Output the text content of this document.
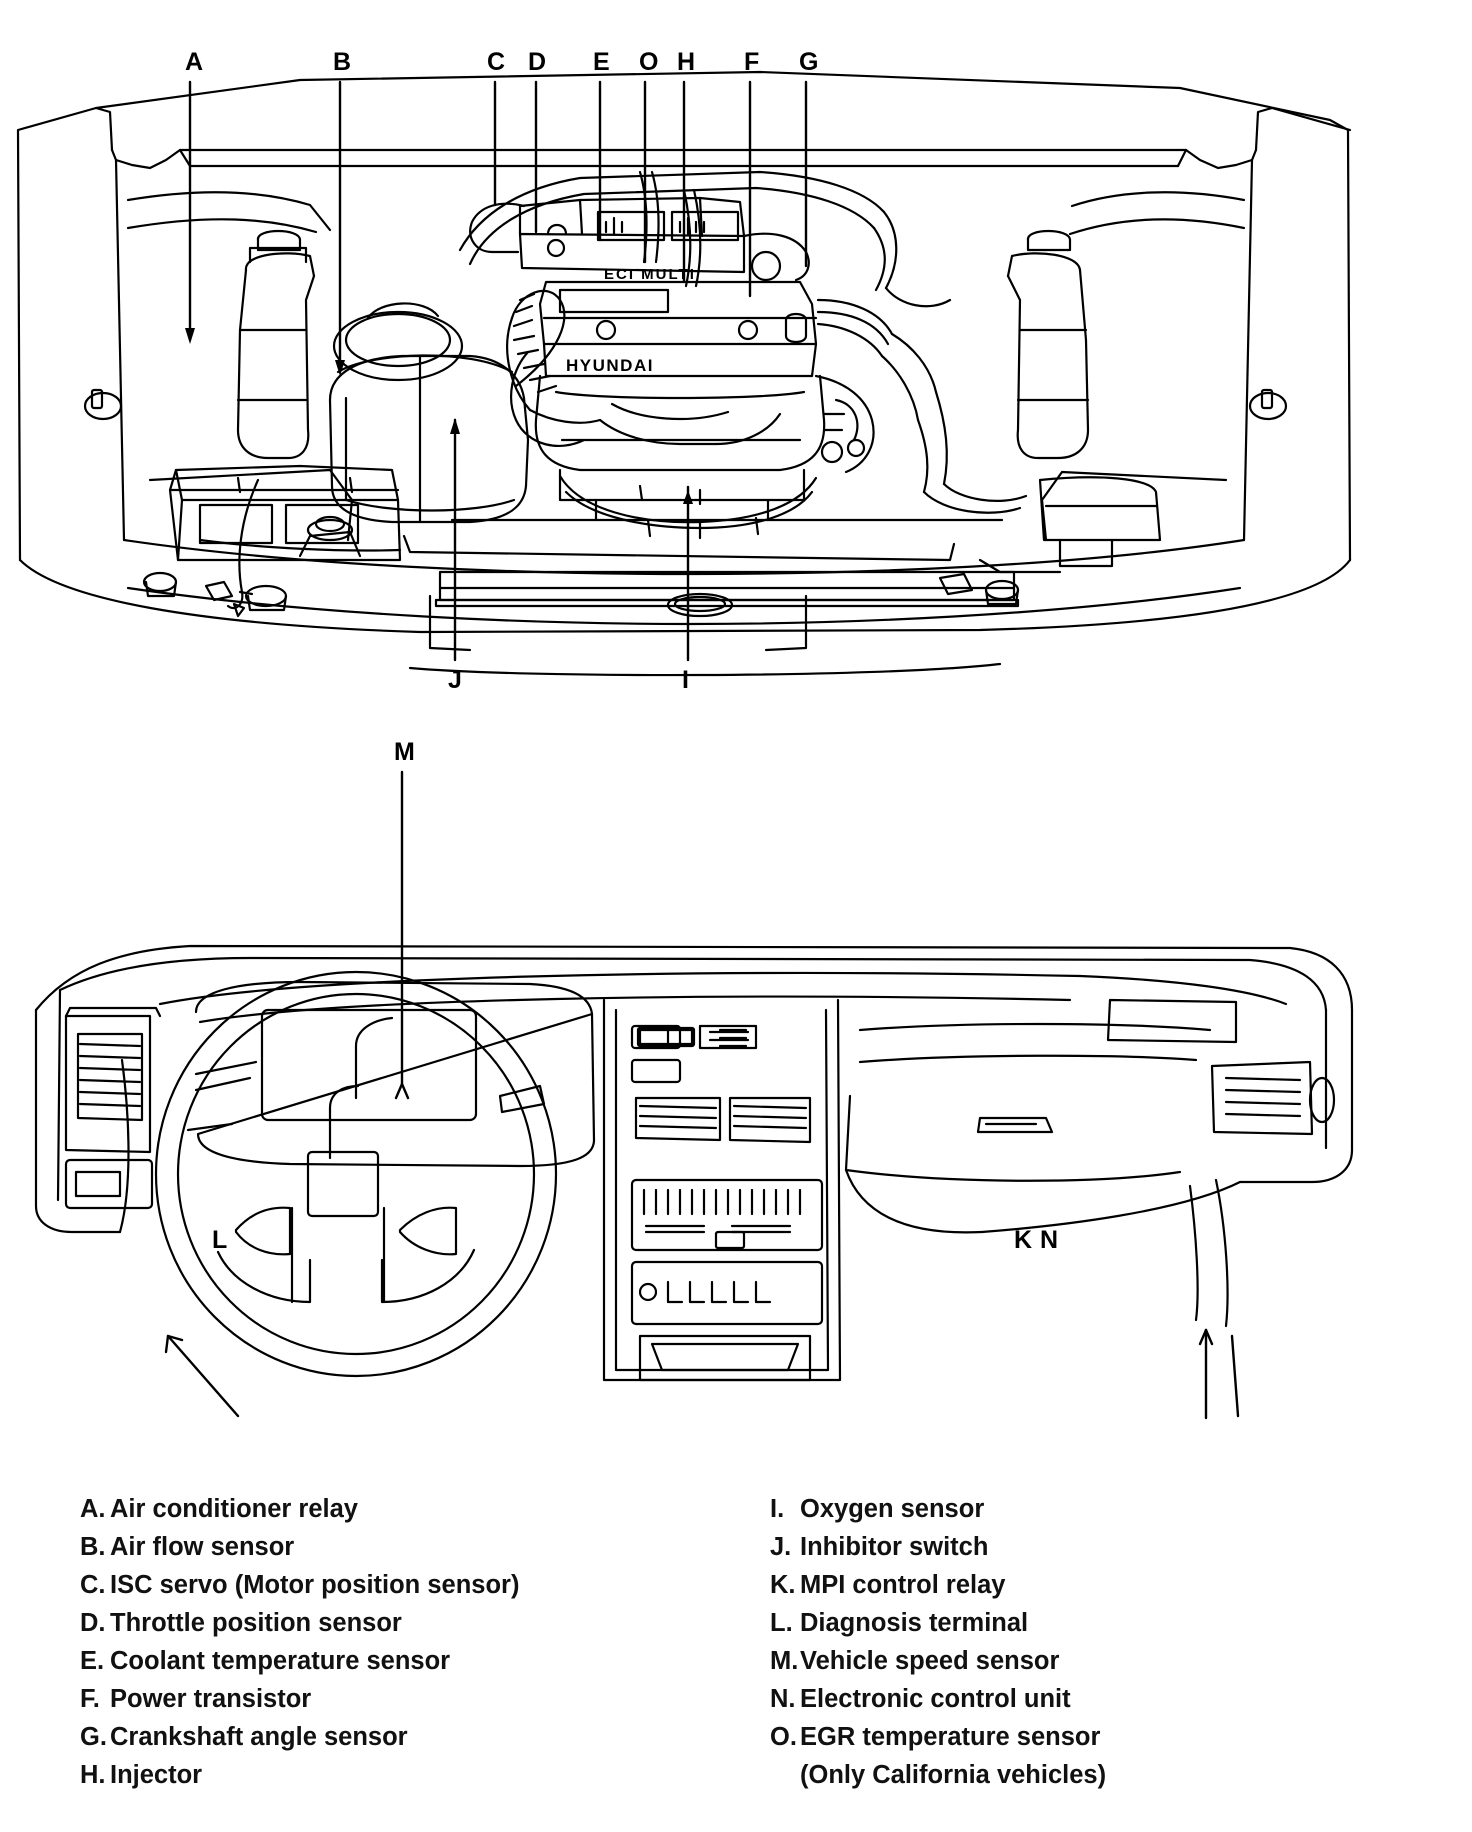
A	B	C D E O H F G
J	I
M
L	K N
HYUNDAI
ECI MULTI
A. Air conditioner relay
B. Air flow sensor
C. ISC servo (Motor position sensor)
D. Throttle position sensor
E. Coolant temperature sensor
F. Power transistor
G. Crankshaft angle sensor
H. Injector
I. Oxygen sensor
J. Inhibitor switch
K. MPI control relay
L. Diagnosis terminal
M.Vehicle speed sensor
N. Electronic control unit
O. EGR temperature sensor
(Only California vehicles)
